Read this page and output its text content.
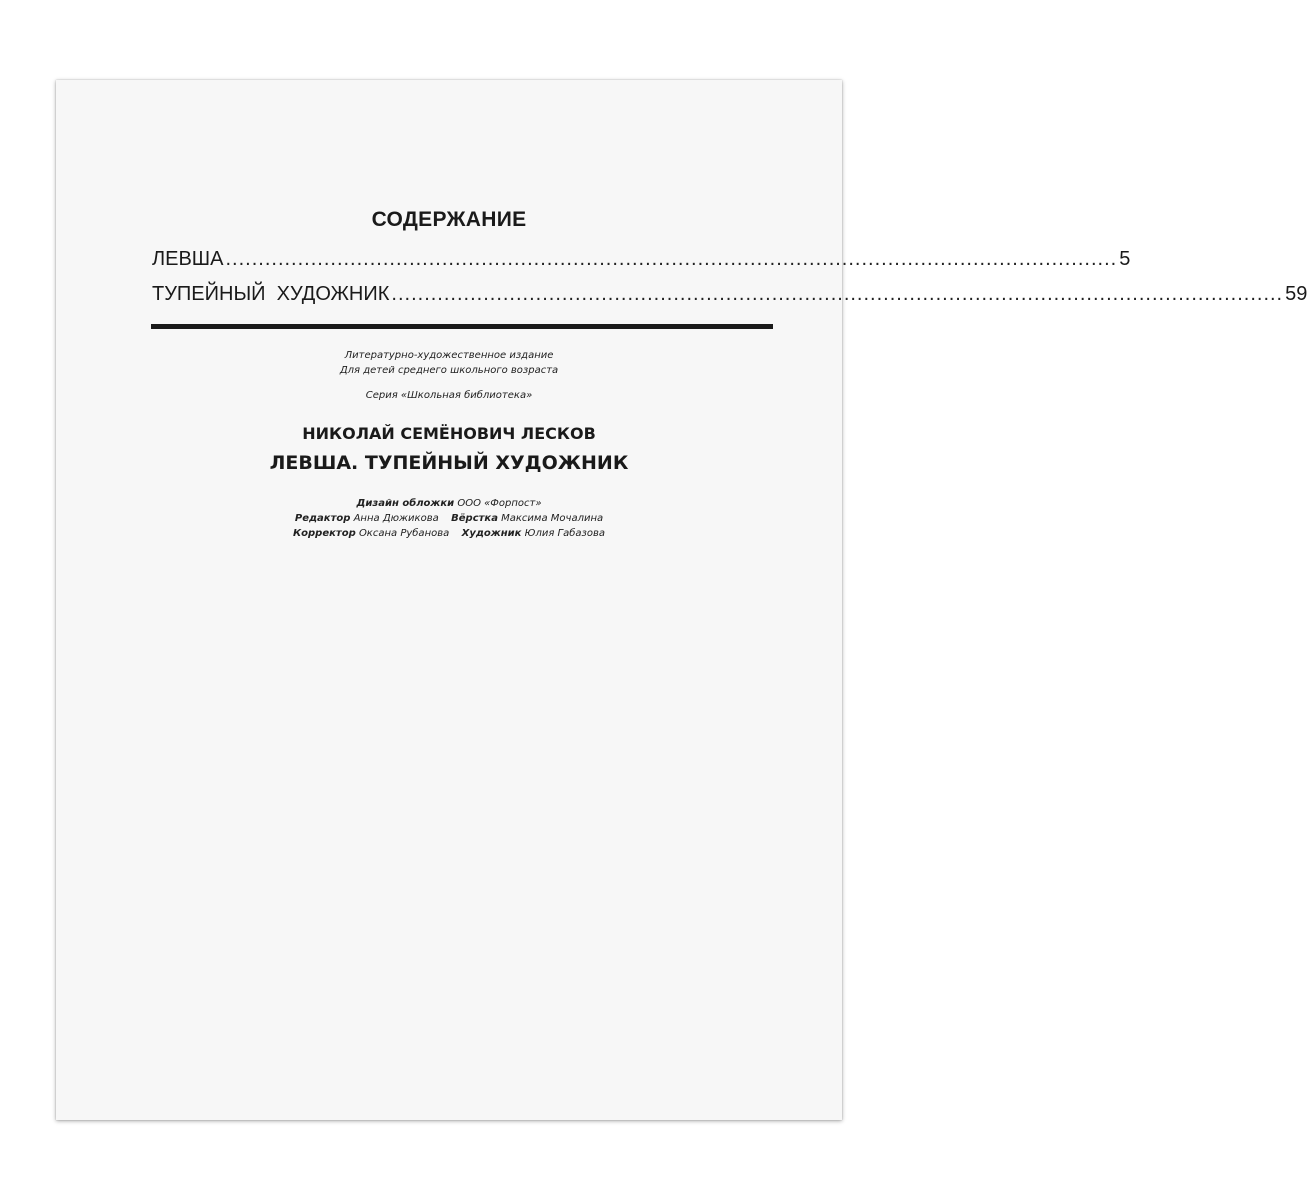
СОДЕРЖАНИЕ
ЛЕВША ........................................................................................................................................ 5
ТУПЕЙНЫЙ  ХУДОЖНИК ........................................................................................................................................ 59
Литературно-художественное издание
Для детей среднего школьного возраста
Серия «Школьная библиотека»
НИКОЛАЙ СЕМЁНОВИЧ ЛЕСКОВ
ЛЕВША. ТУПЕЙНЫЙ ХУДОЖНИК
Дизайн обложки ООО «Форпост»
Редактор Анна Дюжикова Вёрстка Максима Мочалина
Корректор Оксана Рубанова Художник Юлия Габазова
